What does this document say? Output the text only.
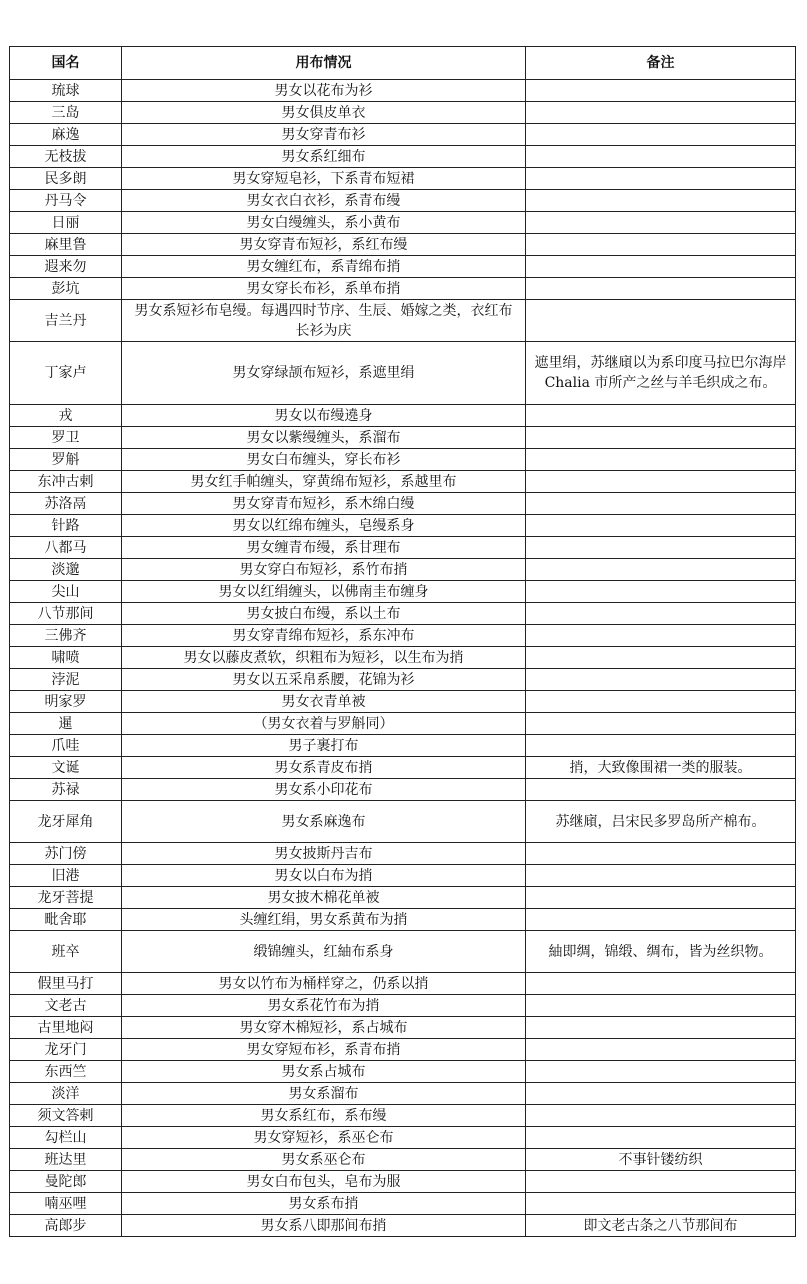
国名	用布情况	备注
琉球	男女以花布为衫	
三岛	男女俱皮单衣	
麻逸	男女穿青布衫	
无枝拔	男女系红细布	
民多朗	男女穿短皂衫，下系青布短裙	
丹马令	男女衣白衣衫，系青布缦	
日丽	男女白缦缠头，系小黄布	
麻里鲁	男女穿青布短衫，系红布缦	
遐来勿	男女缠红布，系青绵布捎	
彭坑	男女穿长布衫，系单布捎	
吉兰丹	男女系短衫布皂缦。每遇四时节序、生辰、婚嫁之类，衣红布长衫为庆	
丁家卢	男女穿绿颉布短衫，系遮里绢	遮里绢，苏继廎以为系印度马拉巴尔海岸 Chalia 市所产之丝与羊毛织成之布。
戎	男女以布缦遶身	
罗卫	男女以紫缦缠头，系溜布	
罗斛	男女白布缠头，穿长布衫	
东冲古剌	男女红手帕缠头，穿黄绵布短衫，系越里布	
苏洛鬲	男女穿青布短衫，系木绵白缦	
针路	男女以红绵布缠头，皂缦系身	
八都马	男女缠青布缦，系甘理布	
淡邈	男女穿白布短衫，系竹布捎	
尖山	男女以红绢缠头，以佛南圭布缠身	
八节那间	男女披白布缦，系以土布	
三佛齐	男女穿青绵布短衫，系东冲布	
啸喷	男女以藤皮煮软，织粗布为短衫，以生布为捎	
浡泥	男女以五采帛系腰，花锦为衫	
明家罗	男女衣青单被	
暹	（男女衣着与罗斛同）	
爪哇	男子裹打布	
文诞	男女系青皮布捎	捎，大致像围裙一类的服装。
苏禄	男女系小印花布	
龙牙犀角	男女系麻逸布	苏继廎，吕宋民多罗岛所产棉布。
苏门傍	男女披斯丹吉布	
旧港	男女以白布为捎	
龙牙菩提	男女披木棉花单被	
毗舍耶	头缠红绢，男女系黄布为捎	
班卒	缎锦缠头，红紬布系身	紬即绸，锦缎、绸布，皆为丝织物。
假里马打	男女以竹布为桶样穿之，仍系以捎	
文老古	男女系花竹布为捎	
古里地闷	男女穿木棉短衫，系占城布	
龙牙门	男女穿短布衫，系青布捎	
东西竺	男女系占城布	
淡洋	男女系溜布	
须文答剌	男女系红布，系布缦	
勾栏山	男女穿短衫，系巫仑布	
班达里	男女系巫仑布	不事针镂纺织
曼陀郎	男女白布包头，皂布为服	
喃巫哩	男女系布捎	
高郎步	男女系八即那间布捎	即文老古条之八节那间布
